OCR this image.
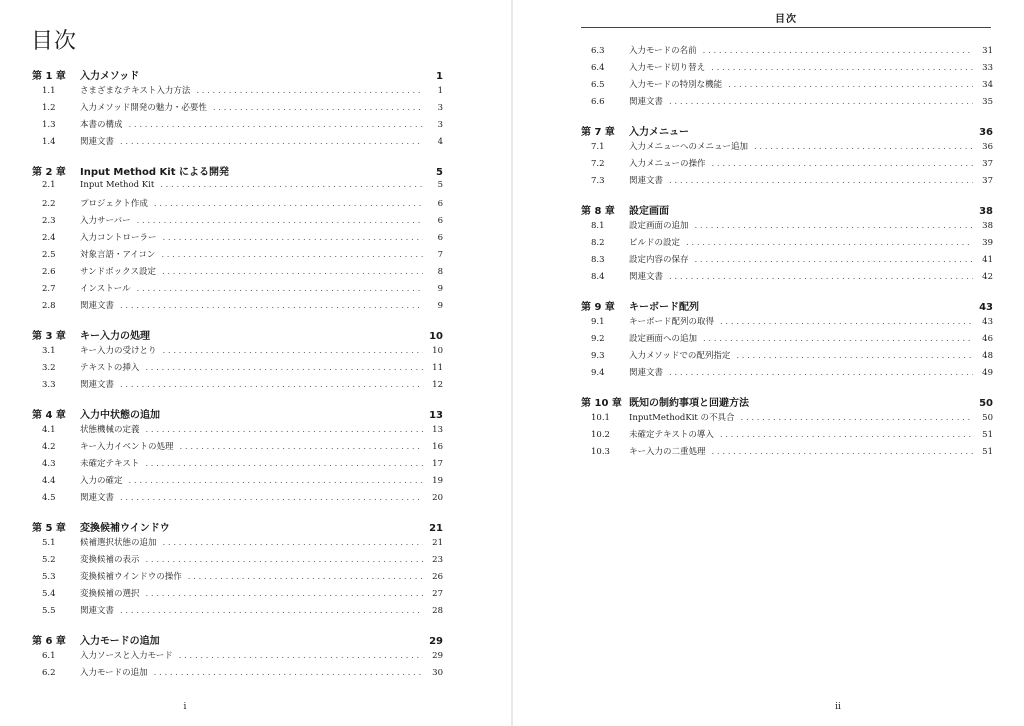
目次
第 1 章	入力メソッド	1
1.1	さまざまなテキスト入力方法 . . .	1
1.2	入力メソッド開発の魅力・必要性 . . .	3
1.3	本書の構成 . . .	3
1.4	関連文書 . . .	4
第 2 章	Input Method Kit による開発	5
2.1	Input Method Kit . . .	5
2.2	プロジェクト作成 . . .	6
2.3	入力サーバー . . .	6
2.4	入力コントローラー . . .	6
2.5	対象言語・アイコン . . .	7
2.6	サンドボックス設定 . . .	8
2.7	インストール . . .	9
2.8	関連文書 . . .	9
第 3 章	キー入力の処理	10
3.1	キー入力の受けとり . . .	10
3.2	テキストの挿入 . . .	11
3.3	関連文書 . . .	12
第 4 章	入力中状態の追加	13
4.1	状態機械の定義 . . .	13
4.2	キー入力イベントの処理 . . .	16
4.3	未確定テキスト . . .	17
4.4	入力の確定 . . .	19
4.5	関連文書 . . .	20
第 5 章	変換候補ウインドウ	21
5.1	候補選択状態の追加 . . .	21
5.2	変換候補の表示 . . .	23
5.3	変換候補ウインドウの操作 . . .	26
5.4	変換候補の選択 . . .	27
5.5	関連文書 . . .	28
第 6 章	入力モードの追加	29
6.1	入力ソースと入力モード . . .	29
6.2	入力モードの追加 . . .	30
i
目次
6.3	入力モードの名前 . . .	31
6.4	入力モード切り替え . . .	33
6.5	入力モードの特別な機能 . . .	34
6.6	関連文書 . . .	35
第 7 章	入力メニュー	36
7.1	入力メニューへのメニュー追加 . . .	36
7.2	入力メニューの操作 . . .	37
7.3	関連文書 . . .	37
第 8 章	設定画面	38
8.1	設定画面の追加 . . .	38
8.2	ビルドの設定 . . .	39
8.3	設定内容の保存 . . .	41
8.4	関連文書 . . .	42
第 9 章	キーボード配列	43
9.1	キーボード配列の取得 . . .	43
9.2	設定画面への追加 . . .	46
9.3	入力メソッドでの配列指定 . . .	48
9.4	関連文書 . . .	49
第 10 章 既知の制約事項と回避方法	50
10.1	InputMethodKit の不具合 . . .	50
10.2	未確定テキストの導入 . . .	51
10.3	キー入力の二重処理 . . .	51
ii
